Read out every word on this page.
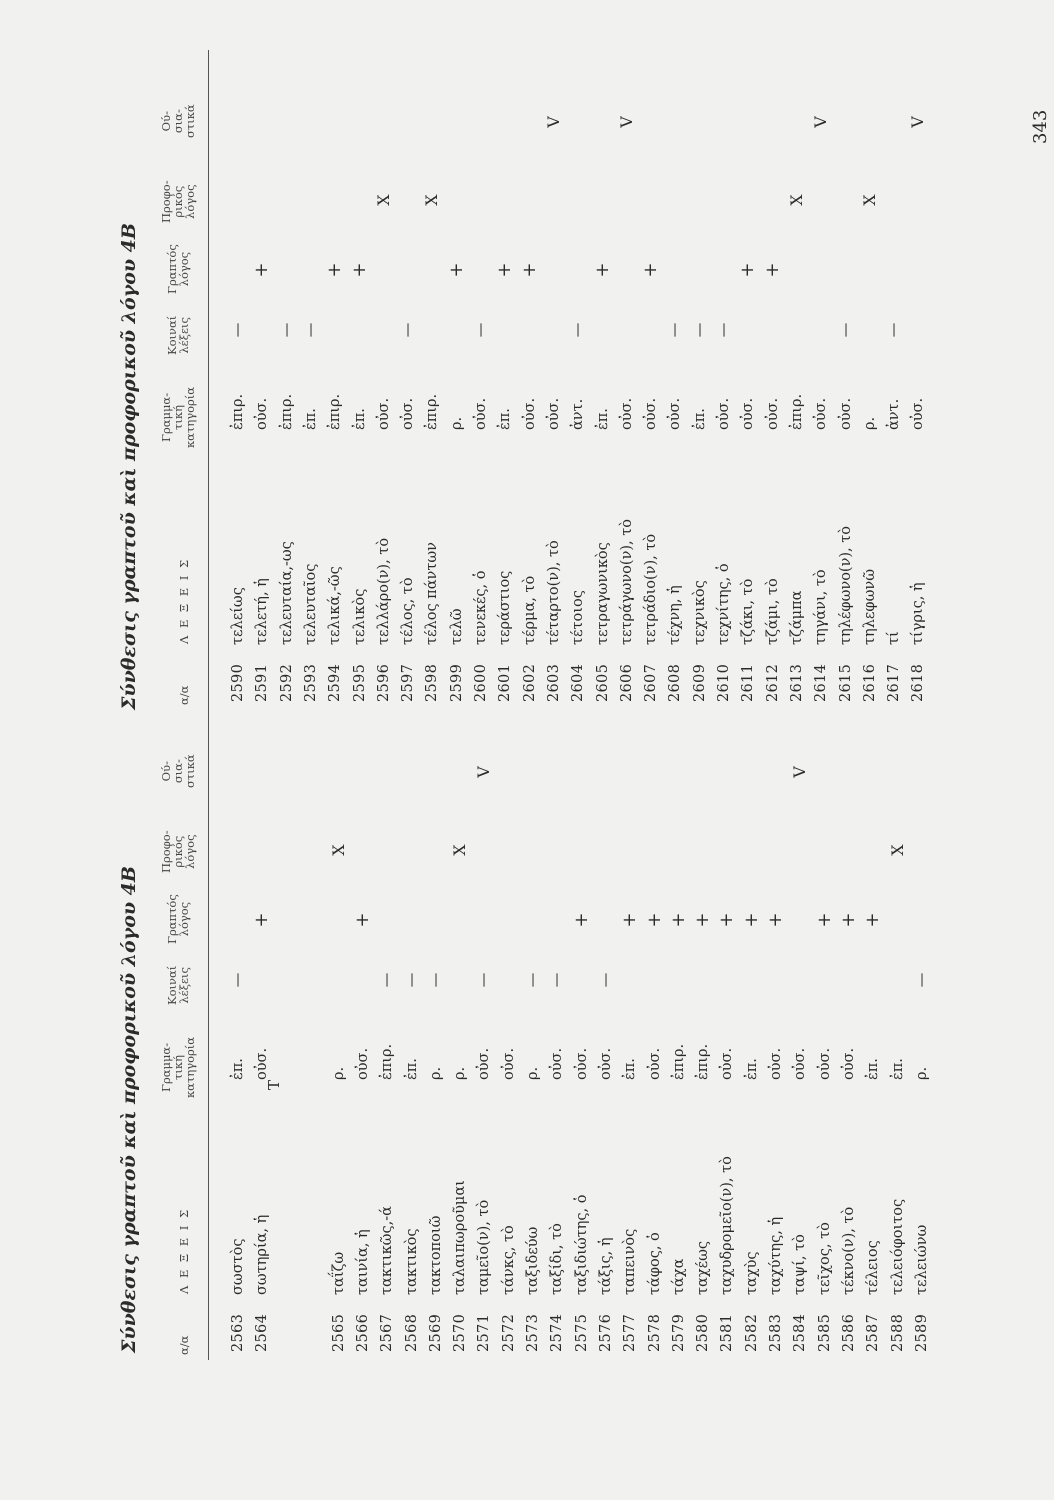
343
Σύνθεσις γραπτοῦ καὶ προφορικοῦ λόγου 4Β	α/α
Λ Ε Ξ Ε Ι Σ
Γραμμα-
τική
κατηγορία
Κοιναί
λέξεις
Γραπτός
λόγος
Προφο-
ρικός
λόγος
Ού-
σια-
στικά
Τ
2563
σωστὸς
ἐπ.
—
2564
σωτηρία, ἡ
οὐσ.
+
2565
ταΐζω
ρ.
X
2566
ταινία, ἡ
οὐσ.
+
2567
τακτικῶς,-ά
ἐπιρ.
—
2568
τακτικὸς
ἐπ.
—
2569
τακτοποιῶ
ρ.
—
2570
ταλαιπωροῦμαι
ρ.
X
2571
ταμεῖο(ν), τὸ
οὐσ.
—
V
2572
τάνκς, τὸ
οὐσ.
2573
ταξιδεύω
ρ.
—
2574
ταξίδι, τὸ
οὐσ.
—
2575
ταξιδιώτης, ὁ
οὐσ.
+
2576
τάξις, ἡ
οὐσ.
—
2577
ταπεινὸς
ἐπ.
+
2578
τάφος, ὁ
οὐσ.
+
2579
τάχα
ἐπιρ.
+
2580
ταχέως
ἐπιρ.
+
2581
ταχυδρομεῖο(ν), τὸ
οὐσ.
+
2582
ταχὺς
ἐπ.
+
2583
ταχύτης, ἡ
οὐσ.
+
2584
ταψί, τὸ
οὐσ.
V
2585
τεῖχος, τὸ
οὐσ.
+
2586
τέκνο(ν), τὸ
οὐσ.
+
2587
τέλειος
ἐπ.
+
2588
τελειόφοιτος
ἐπ.
X
2589
τελειώνω
ρ.
—
Σύνθεσις γραπτοῦ καὶ προφορικοῦ λόγου 4Β	α/α
Λ Ε Ξ Ε Ι Σ
Γραμμα-
τική
κατηγορία
Κοιναί
λέξεις
Γραπτός
λόγος
Προφο-
ρικός
λόγος
Ού-
σια-
στικά
2590
τελείως
ἐπιρ.
—
2591
τελετή, ἡ
οὐσ.
+
2592
τελευταία,-ως
ἐπιρ.
—
2593
τελευταῖος
ἐπ.
—
2594
τελικά,-ῶς
ἐπιρ.
+
2595
τελικὸς
ἐπ.
+
2596
τελλάρο(ν), τὸ
οὐσ.
X
2597
τέλος, τὸ
οὐσ.
—
2598
τέλος πάντων
ἐπιρ.
X
2599
τελῶ
ρ.
+
2600
τενεκές, ὁ
οὐσ.
—
2601
τεράστιος
ἐπ.
+
2602
τέρμα, τὸ
οὐσ.
+
2603
τέταρτο(ν), τὸ
οὐσ.
V
2604
τέτοιος
ἀντ.
—
2605
τετραγωνικὸς
ἐπ.
+
2606
τετράγωνο(ν), τὸ
οὐσ.
V
2607
τετράδιο(ν), τὸ
οὐσ.
+
2608
τέχνη, ἡ
οὐσ.
—
2609
τεχνικὸς
ἐπ.
—
2610
τεχνίτης, ὁ
οὐσ.
—
2611
τζάκι, τὸ
οὐσ.
+
2612
τζάμι, τὸ
οὐσ.
+
2613
τζάμπα
ἐπιρ.
X
2614
τηγάνι, τὸ
οὐσ.
V
2615
τηλέφωνο(ν), τὸ
οὐσ.
—
2616
τηλεφωνῶ
ρ.
X
2617
τί
ἀντ.
—
2618
τίγρις, ἡ
οὐσ.
V
